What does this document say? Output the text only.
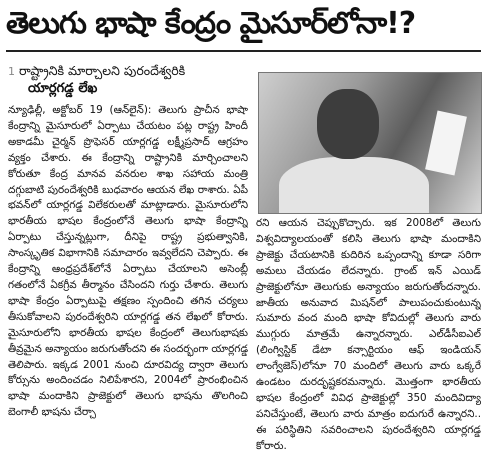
తెలుగు భాషా కేంద్రం మైసూర్‌లోనా!?
1 రాష్ట్రానికి మార్చాలని పురందేశ్వరికి
యార్లగడ్డ లేఖ

న్యూఢిల్లీ, అక్టోబర్ 19 (ఆన్‌లైన్): తెలుగు ప్రాచీన భాషా కేంద్రాన్ని మైసూరులో ఏర్పాటు చేయటం పట్ల రాష్ట్ర హిందీ అకాడమీ చైర్మన్ ప్రొఫెసర్ యార్లగడ్డ లక్ష్మీప్రసాద్ ఆగ్రహం వ్యక్తం చేశారు. ఈ కేంద్రాన్ని రాష్ట్రానికి మార్చించాలని కోరుతూ కేంద్ర మానవ వనరుల శాఖ సహాయ మంత్రి దగ్గుబాటి పురందేశ్వరికి బుధవారం ఆయన లేఖ రాశారు. ఏపీ భవన్‌లో యార్లగడ్డ విలేకరులతో మాట్లాడారు. మైసూరులోని భారతీయ భాషల కేంద్రంలోనే తెలుగు భాషా కేంద్రాన్ని ఏర్పాటు చేస్తున్నట్లుగా, దీనిపై రాష్ట్ర ప్రభుత్వానికి, సాంస్కృతిక విభాగానికి సమాచారం ఇవ్వలేదని చెప్పారు. ఈ కేంద్రాన్ని ఆంధ్రప్రదేశ్‌లోనే ఏర్పాటు చేయాలని అసెంబ్లీ గతంలోనే ఏకగ్రీవ తీర్మానం చేసిందని గుర్తు చేశారు. తెలుగు భాషా కేంద్రం ఏర్పాటుపై తక్షణం స్పందించి తగిన చర్యలు తీసుకోవాలని పురందేశ్వరిని యార్లగడ్డ తన లేఖలో కోరారు. మైసూరులోని భారతీయ భాషల కేంద్రంలో తెలుగుభాషకు తీవ్రమైన అన్యాయం జరుగుతోందని ఈ సందర్భంగా యార్లగడ్డ తెలిపారు. ఇక్కడ 2001 నుంచి దూరవిద్య ద్వారా తెలుగు కోర్సును అందించడం నిలిపేశారని, 2004లో ప్రారంభించిన భాషా మందాకిని ప్రాజెక్టులో తెలుగు భాషను తొలగించి బెంగాలీ భాషను చేర్చా

రని ఆయన చెప్పుకొచ్చారు. ఇక 2008లో తెలుగు విశ్వవిద్యాలయంతో కలిసి తెలుగు భాషా మందాకిని ప్రాజెక్టు చేయటానికి కుదిరిన ఒప్పందాన్ని కూడా సరిగా అమలు చేయడం లేదన్నారు. గ్రాంట్ ఇన్ ఎయిడ్ ప్రాజెక్టులోనూ తెలుగుకు అన్యాయం జరుగుతోందన్నారు. జాతీయ అనువాద మిషన్‌లో పాలుపంచుకుంటున్న సుమారు వంద మంది భాషా కోవిదుల్లో తెలుగు వారు ముగ్గురు మాత్రమే ఉన్నారన్నారు. ఎల్‌డీసీఐఎల్ (లింగ్విస్టిక్ డేటా కన్సార్టియం ఆఫ్ ఇండియన్ లాంగ్వేజెస్)లోనూ 70 మందిలో తెలుగు వారు ఒక్కరే ఉండటం దురదృష్టకరమన్నారు. మొత్తంగా భారతీయ భాషల కేంద్రంలో వివిధ ప్రాజెక్టుల్లో 350 మందివిద్యా పనిచేస్తుంటే, తెలుగు వారు మాత్రం ఐదుగురే ఉన్నారని.. ఈ పరిస్థితిని సవరించాలని పురందేశ్వరిని యార్లగడ్డ కోరారు.
